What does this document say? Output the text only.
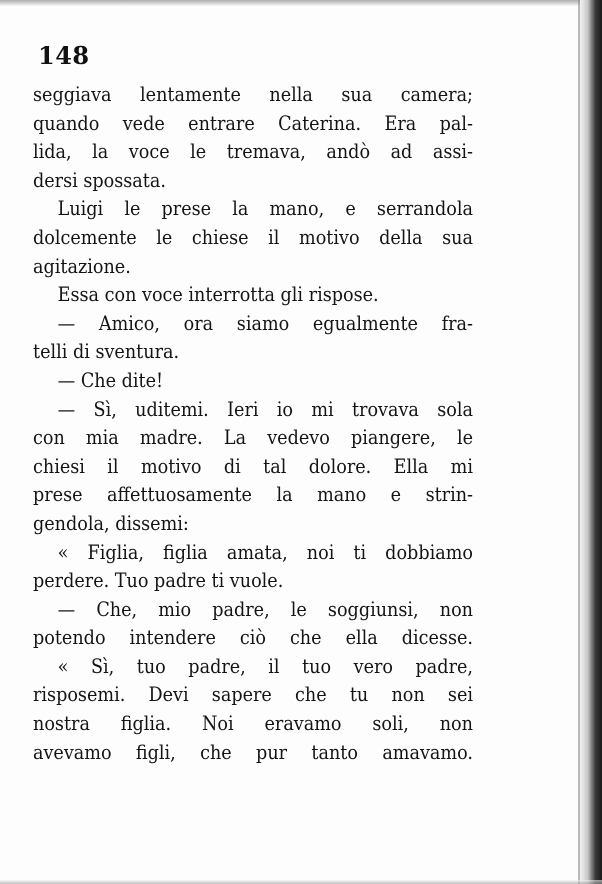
148
seggiava lentamente nella sua camera;
quando vede entrare Caterina. Era pal-
lida, la voce le tremava, andò ad assi-
dersi spossata.
Luigi le prese la mano, e serrandola
dolcemente le chiese il motivo della sua
agitazione.
Essa con voce interrotta gli rispose.
— Amico, ora siamo egualmente fra-
telli di sventura.
— Che dite!
— Sì, uditemi. Ieri io mi trovava sola
con mia madre. La vedevo piangere, le
chiesi il motivo di tal dolore. Ella mi
prese affettuosamente la mano e strin-
gendola, dissemi:
« Figlia, figlia amata, noi ti dobbiamo
perdere. Tuo padre ti vuole.
— Che, mio padre, le soggiunsi, non
potendo intendere ciò che ella dicesse.
« Sì, tuo padre, il tuo vero padre,
risposemi. Devi sapere che tu non sei
nostra figlia. Noi eravamo soli, non
avevamo figli, che pur tanto amavamo.
